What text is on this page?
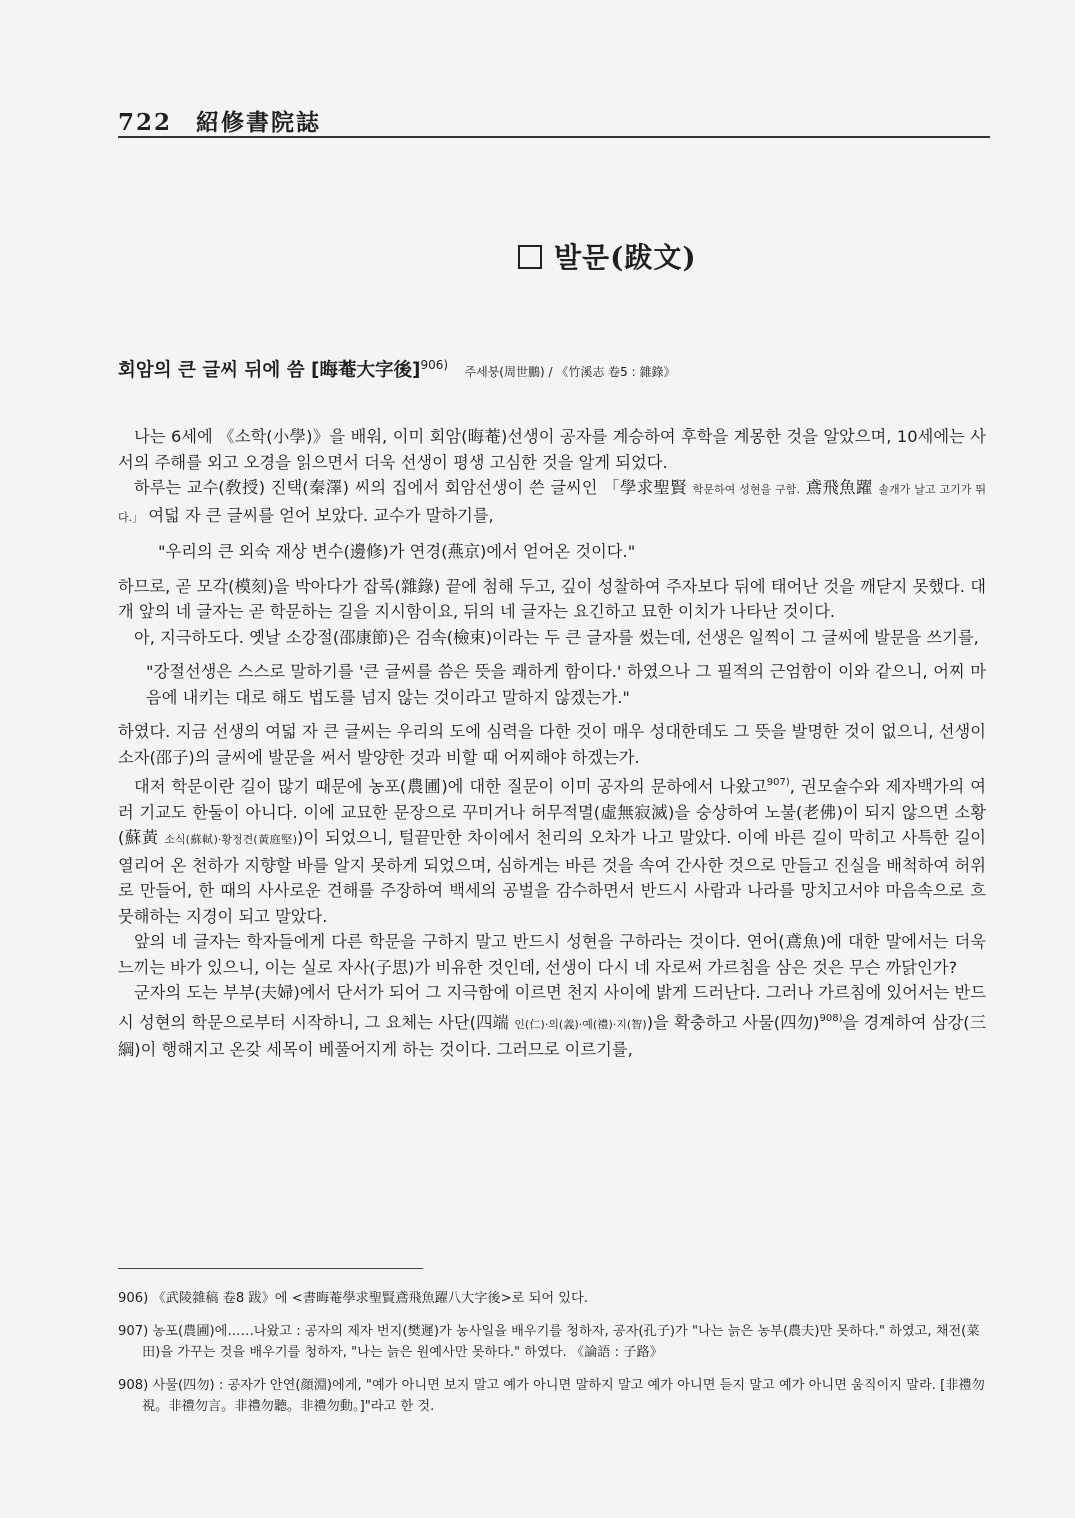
722 紹修書院誌
발문(跋文)
회암의 큰 글씨 뒤에 씀 [晦菴大字後]$^{906)}$ 주세붕(周世鵬) / 《竹溪志 卷5 : 雜錄》

나는 6세에 《소학(小學)》을 배워, 이미 회암(晦菴)선생이 공자를 계승하여 후학을 계몽한 것을 알았으며, 10세에는 사서의 주해를 외고 오경을 읽으면서 더욱 선생이 평생 고심한 것을 알게 되었다.

하루는 교수(敎授) 진택(秦澤) 씨의 집에서 회암선생이 쓴 글씨인 「學求聖賢 학문하여 성현을 구함. 鳶飛魚躍 솔개가 날고 고기가 뛰다.」 여덟 자 큰 글씨를 얻어 보았다. 교수가 말하기를,

"우리의 큰 외숙 재상 변수(邊修)가 연경(燕京)에서 얻어온 것이다."

하므로, 곧 모각(模刻)을 박아다가 잡록(雜錄) 끝에 첨해 두고, 깊이 성찰하여 주자보다 뒤에 태어난 것을 깨닫지 못했다. 대개 앞의 네 글자는 곧 학문하는 길을 지시함이요, 뒤의 네 글자는 요긴하고 묘한 이치가 나타난 것이다.

아, 지극하도다. 옛날 소강절(邵康節)은 검속(檢束)이라는 두 큰 글자를 썼는데, 선생은 일찍이 그 글씨에 발문을 쓰기를,

"강절선생은 스스로 말하기를 '큰 글씨를 씀은 뜻을 쾌하게 함이다.' 하였으나 그 필적의 근엄함이 이와 같으니, 어찌 마음에 내키는 대로 해도 법도를 넘지 않는 것이라고 말하지 않겠는가."

하였다. 지금 선생의 여덟 자 큰 글씨는 우리의 도에 심력을 다한 것이 매우 성대한데도 그 뜻을 발명한 것이 없으니, 선생이 소자(邵子)의 글씨에 발문을 써서 발양한 것과 비할 때 어찌해야 하겠는가.

대저 학문이란 길이 많기 때문에 농포(農圃)에 대한 질문이 이미 공자의 문하에서 나왔고$^{907)}$, 권모술수와 제자백가의 여러 기교도 한둘이 아니다. 이에 교묘한 문장으로 꾸미거나 허무적멸(虛無寂滅)을 숭상하여 노불(老佛)이 되지 않으면 소황(蘇黃 소식(蘇軾)·황정견(黃庭堅))이 되었으니, 털끝만한 차이에서 천리의 오차가 나고 말았다. 이에 바른 길이 막히고 사특한 길이 열리어 온 천하가 지향할 바를 알지 못하게 되었으며, 심하게는 바른 것을 속여 간사한 것으로 만들고 진실을 배척하여 허위로 만들어, 한 때의 사사로운 견해를 주장하여 백세의 공벌을 감수하면서 반드시 사람과 나라를 망치고서야 마음속으로 흐뭇해하는 지경이 되고 말았다.

앞의 네 글자는 학자들에게 다른 학문을 구하지 말고 반드시 성현을 구하라는 것이다. 연어(鳶魚)에 대한 말에서는 더욱 느끼는 바가 있으니, 이는 실로 자사(子思)가 비유한 것인데, 선생이 다시 네 자로써 가르침을 삼은 것은 무슨 까닭인가?

군자의 도는 부부(夫婦)에서 단서가 되어 그 지극함에 이르면 천지 사이에 밝게 드러난다. 그러나 가르침에 있어서는 반드시 성현의 학문으로부터 시작하니, 그 요체는 사단(四端 인(仁)·의(義)·예(禮)·지(智))을 확충하고 사물(四勿)$^{908)}$을 경계하여 삼강(三綱)이 행해지고 온갖 세목이 베풀어지게 하는 것이다. 그러므로 이르기를,

906) 《武陵雜稿 卷8 跋》에 <書晦菴學求聖賢鳶飛魚躍八大字後>로 되어 있다.

907) 농포(農圃)에……나왔고 : 공자의 제자 번지(樊遲)가 농사일을 배우기를 청하자, 공자(孔子)가 "나는 늙은 농부(農夫)만 못하다." 하였고, 채전(菜田)을 가꾸는 것을 배우기를 청하자, "나는 늙은 원예사만 못하다." 하였다. 《論語 : 子路》

908) 사물(四勿) : 공자가 안연(顔淵)에게, "예가 아니면 보지 말고 예가 아니면 말하지 말고 예가 아니면 듣지 말고 예가 아니면 움직이지 말라. [非禮勿視。非禮勿言。非禮勿聽。非禮勿動。]"라고 한 것.
